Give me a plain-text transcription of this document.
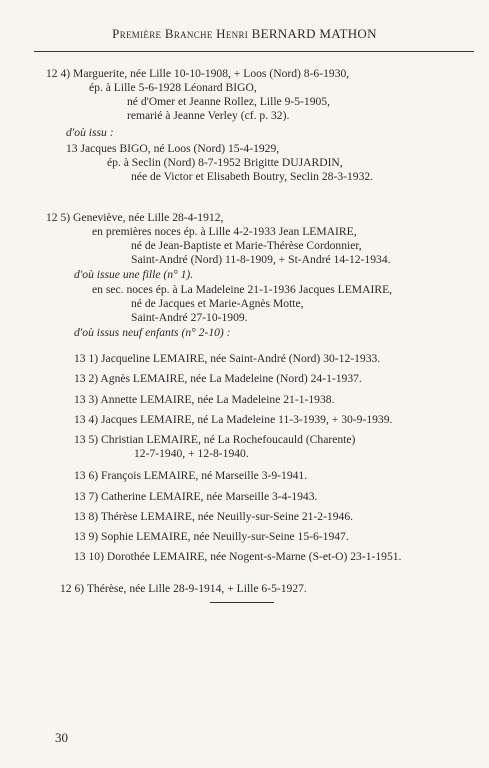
Première Branche Henri BERNARD MATHON
12 4) Marguerite, née Lille 10-10-1908, + Loos (Nord) 8-6-1930,
ép. à Lille 5-6-1928 Léonard BIGO,
né d'Omer et Jeanne Rollez, Lille 9-5-1905,
remarié à Jeanne Verley (cf. p. 32).
d'où issu :
13 Jacques BIGO, né Loos (Nord) 15-4-1929,
ép. à Seclin (Nord) 8-7-1952 Brigitte DUJARDIN,
née de Victor et Elisabeth Boutry, Seclin 28-3-1932.
12 5) Geneviève, née Lille 28-4-1912,
en premières noces ép. à Lille 4-2-1933 Jean LEMAIRE,
né de Jean-Baptiste et Marie-Thérèse Cordonnier,
Saint-André (Nord) 11-8-1909, + St-André 14-12-1934.
d'où issue une fille (n° 1).
en sec. noces ép. à La Madeleine 21-1-1936 Jacques LEMAIRE,
né de Jacques et Marie-Agnès Motte,
Saint-André 27-10-1909.
d'où issus neuf enfants (n° 2-10) :
13 1) Jacqueline LEMAIRE, née Saint-André (Nord) 30-12-1933.
13 2) Agnès LEMAIRE, née La Madeleine (Nord) 24-1-1937.
13 3) Annette LEMAIRE, née La Madeleine 21-1-1938.
13 4) Jacques LEMAIRE, né La Madeleine 11-3-1939, + 30-9-1939.
13 5) Christian LEMAIRE, né La Rochefoucauld (Charente)
12-7-1940, + 12-8-1940.
13 6) François LEMAIRE, né Marseille 3-9-1941.
13 7) Catherine LEMAIRE, née Marseille 3-4-1943.
13 8) Thérèse LEMAIRE, née Neuilly-sur-Seine 21-2-1946.
13 9) Sophie LEMAIRE, née Neuilly-sur-Seine 15-6-1947.
13 10) Dorothée LEMAIRE, née Nogent-s-Marne (S-et-O) 23-1-1951.
12 6) Thérèse, née Lille 28-9-1914, + Lille 6-5-1927.
30
